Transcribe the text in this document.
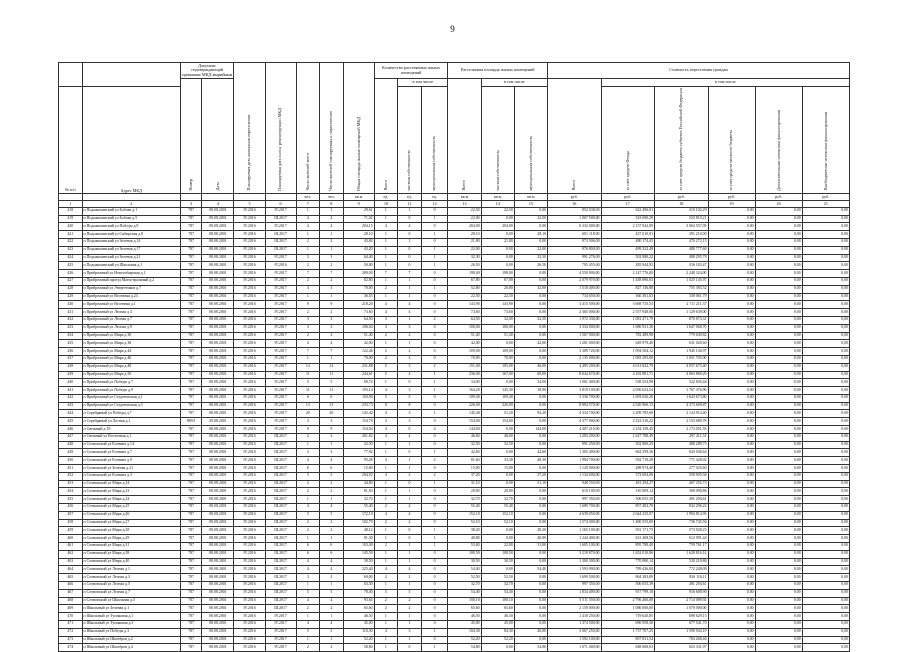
9
		Документ, подтверждающий признание МКД аварийным		Планируемая дата окончания переселения	Планируемая дата сноса/ реконструкции МКД	Число жителей всего	Число жителей планируемых к переселению	Общая площадь жилых помещений МКД	Количество расселяемых жилых помещений			Расселяемая площадь жилых помещений			Стоимость переселения граждан					
		Номер	Дата						Всего	в том числе		Всего	в том числе		Всего	в том числе				
№ п/п	Адрес МКД									частная собственность	муниципальная собственность		частная собственность	муниципальная собственность		за счет средств Фонда	за счет средств бюджета субъекта Российской Федерации	за счет средств местного бюджета	Дополнительные источники финансирования	Внебюджетные источники финансирования
						чел.	чел.	кв.м	ед.	ед.	ед.	кв.м	кв.м	кв.м	руб.	руб.	руб.	руб.	руб.	руб.
1	2	3	4	5	6	7	8	9	10	11	12	13	14	15	16	17	18	19	20	21
418	п Подымахинский ул Бобова д.1	787	08.08.2001	IV.2016	IV.2017	1	1	29,61	1	1	0	22,50	22,50	0,00	852 038,00	622 496,81	410 102,29	0,00	0,00	0,00
419	п Подымахинский ул Бобова д.5	787	08.08.2001	IV.2016	III.2017	4	4	71,02	1	0	1	22,00	0,00	22,00	1 067 500,00	543 690,29	523 810,21	0,00	0,00	0,00
420	п Подымахинский ул Победы д.9	787	08.08.2001	IV.2016	IV.2017	4	4	204,15	4	4	0	204,00	204,00	0,00	6 332 000,00	2 157 942,89	3 064 557,05	0,00	0,00	0,00
421	п Подымахинский ул Сибирская д.8	787	08.08.2001	IV.2016	III.2017	1	1	28,10	1	0	1	28,10	0,00	28,10	601 118,00	437 010,91	391 210,00	0,00	0,00	0,00
422	п Подымахинский ул Зеленая д.14	787	08.08.2001	IV.2016	III.2017	2	2	43,84	1	1	0	21,80	21,80	0,00	973 506,00	480 174,45	470 272,15	0,00	0,00	0,00
423	п Подымахинский ул Зеленая д.17	787	08.08.2001	IV.2016	III.2017	1	1	43,20	1	0	1	22,00	0,00	22,00	976 800,00	499 322,48	480 777,60	0,00	0,00	0,00
424	п Подымахинский ул Зеленая д.21	787	08.08.2001	IV.2016	IV.2017	3	3	64,40	1	0	1	32,30	0,00	32,30	991 276,00	502 980,22	488 295,78	0,00	0,00	0,00
425	п Подымахинский ул Школьная д.1	787	08.08.2001	IV.2016	IV.2016	2	2	50,80	1	0	1	26,50	0,00	26,50	795 455,00	285 944,95	316 183,47	0,00	0,00	0,00
426	п Прибрежный ул Новосибирская д.1	787	08.08.2001	IV.2016	IV.2017	7	7	200,00	7	7	0	198,00	198,00	0,00	4 550 000,00	2 147 776,00	2 248 324,00	0,00	0,00	0,00
427	п Прибрежный проезд Магистральный д.2	787	08.08.2001	IV.2016	IV.2017	2	2	82,80	1	1	0	67,80	67,80	0,00	2 079 970,00	1 458 896,03	1 025 145,97	0,00	0,00	0,00
428	п Прибрежный ул Энергетиков д.7	787	08.08.2001	IV.2016	IV.2017	3	3	70,00	2	1	1	52,80	20,80	32,00	1 518 400,00	827 136,88	755 383,52	0,00	0,00	0,00
429	п Прибрежный ул Весенняя д.23	787	08.08.2001	IV.2016	IV.2017	1	1	36,53	1	1	0	22,50	22,50	0,00	734 650,00	360 381,83	330 061,79	0,00	0,00	0,00
430	п Прибрежный ул Весенняя д.1	787	08.08.2001	IV.2016	IV.2017	9	9	218,20	4	4	0	143,90	143,90	0,00	3 415 500,00	3 669 735,53	2 711 211,37	0,00	0,00	0,00
431	п Прибрежный ул Лесная д.3	787	08.08.2001	IV.2016	IV.2017	2	2	73,60	4	4	0	73,60	73,60	0,00	2 365 000,00	2 557 948,00	1 129 639,00	0,00	0,00	0,00
432	п Прибрежный ул Лесная д.7	787	08.08.2001	IV.2016	IV.2017	3	3	64,50	3	1	2	64,50	32,00	32,50	1 972 330,00	1 081 271,79	870 873,31	0,00	0,00	0,00
433	п Прибрежный ул Лесная д.9	787	08.08.2001	IV.2016	IV.2017	3	3	106,04	3	3	0	100,00	100,00	0,00	3 334 000,00	1 686 931,30	1 647 068,70	0,00	0,00	0,00
434	п Прибрежный ул Мира д.30	787	08.08.2001	IV.2016	IV.2017	2	2	51,40	2	2	0	51,40	51,40	0,00	1 567 900,00	782 489,98	779 049,82	0,00	0,00	0,00
435	п Прибрежный ул Мира д.38	787	08.08.2001	IV.2016	IV.2017	4	4	42,00	1	1	0	42,00	0,00	42,00	1 281 000,00	649 979,40	631 020,60	0,00	0,00	0,00
436	п Прибрежный ул Мира д.44	787	08.08.2001	IV.2016	IV.2017	7	7	122,46	2	2	0	109,00	109,00	0,00	3 389 720,00	1 094 504,12	1 945 140,97	0,00	0,00	0,00
437	п Прибрежный ул Мира д.46	787	08.08.2001	IV.2016	IV.2017	1	1	70,00	2	2	0	70,00	70,00	0,00	2 135 000,00	1 083 295,00	1 051 705,00	0,00	0,00	0,00
438	п Прибрежный ул Мира д.48	787	08.08.2001	IV.2016	IV.2017	14	14	231,88	5	3	2	151,00	105,00	46,00	4 495 200,00	4 613 842,79	4 057 675,40	0,00	0,00	0,00
439	п Прибрежный ул Мира д.50	787	08.08.2001	IV.2016	IV.2017	11	11	244,61	5	4	1	236,00	167,00	69,00	8 644 670,00	4 182 881,71	4 063 868,29	0,00	0,00	0,00
440	п Прибрежный ул Победы д.7	787	08.08.2001	IV.2016	IV.2017	5	5	69,74	1	0	1	34,00	0,00	34,00	1 061 400,00	538 554,98	522 845,44	0,00	0,00	0,00
441	п Прибрежный ул Победы д.9	787	08.08.2001	IV.2016	IV.2017	11	11	193,14	4	3	1	164,20	145,30	18,90	3 819 100,00	2 050 623,54	1 767 476,96	0,00	0,00	0,00
442	п Прибрежный ул Студенческая д.1	787	08.08.2001	IV.2016	IV.2017	6	6	103,90	5	5	0	109,40	109,40	0,00	3 336 700,00	1 693 026,20	1 643 673,80	0,00	0,00	0,00
443	п Прибрежный ул Студенческая д.3	787	08.08.2001	IV.2016	IV.2017	13	13	233,73	8	8	0	226,00	226,00	0,00	8 894 570,00	4 520 960,13	4 373 609,87	0,00	0,00	0,00
444	п Серебряный ул Победы д.7	787	08.08.2001	IV.2016	IV.2017	20	20	145,42	4	3	1	145,40	51,20	94,20	4 334 700,00	2 209 785,60	2 124 914,40	0,00	0,00	0,00
445	п Серебряный ул Лесная д.1	889/1	29.08.2001	IV.2016	IV.2017	3	3	154,79	3	3	0	154,00	154,00	0,00	4 377 000,00	2 223 310,22	2 153 689,78	0,00	0,00	0,00
446	п Снежный д.19	787	08.08.2001	IV.2016	IV.2017	9	9	154,04	4	0	4	144,00	0,00	144,00	4 407 210,00	2 234 158,45	2 173 051,55	0,00	0,00	0,00
447	п Снежный ул Восточная д.1	787	08.08.2001	IV.2016	III.2017	2	2	261,82	4	4	0	46,60	46,60	0,00	1 283 200,00	1 627 788,49	297 411,51	0,00	0,00	0,00
448	п Сочновский ул Есенина д.14	787	08.08.2001	IV.2016	III.2017	1	1	32,50	1	1	0	32,50	32,50	0,00	991 250,00	502 960,25	488 289,75	0,00	0,00	0,00
449	п Сочновский ул Есенина д.7	787	08.08.2001	IV.2016	III.2017	3	3	77,92	1	0	1	42,60	0,00	42,60	1 305 400,00	662 359,36	643 040,64	0,00	0,00	0,00
450	п Сочновский ул Есенина д.9	787	08.08.2001	IV.2016	III.2017	4	4	95,28	3	1	2	81,60	33,30	48,30	1 984 700,00	592 719,28	771 428,02	0,00	0,00	0,00
451	п Сочновский ул Зеленая д.21	787	08.08.2001	IV.2016	III.2017	6	6	15,00	1	1	0	15,00	15,00	0,00	1 120 000,00	288 974,40	277 025,60	0,00	0,00	0,00
452	п Сочновский ул Есенина д.3	787	08.08.2001	IV.2016	III.2017	5	5	204,92	4	2	2	37,20	0,00	37,20	1 134 600,00	573 694,06	558 905,94	0,00	0,00	0,00
453	п Сочновский ул Мира д.24	787	08.08.2001	IV.2016	III.2017	2	2	44,80	1	0	1	31,10	0,00	31,10	948 550,00	481 294,27	467 255,73	0,00	0,00	0,00
454	п Сочновский ул Мира д.23	787	08.08.2001	IV.2016	III.2017	2	2	81,50	1	1	0	20,00	20,00	0,00	610 100,00	310 009,14	300 090,86	0,00	0,00	0,00
455	п Сочновский ул Мира д.24	787	08.08.2001	IV.2016	III.2017	1	1	32,70	1	1	0	32,70	32,70	0,00	997 350,00	506 055,39	491 294,61	0,00	0,00	0,00
456	п Сочновский ул Мира д.25	787	08.08.2001	IV.2016	III.2017	4	4	55,40	2	2	0	55,40	55,40	0,00	1 689 700,00	857 403,78	832 296,22	0,00	0,00	0,00
457	п Сочновский ул Мира д.26	787	08.08.2001	IV.2016	III.2017	5	5	172,10	4	4	0	152,10	152,10	0,00	4 639 050,00	2 644 235,07	1 994 814,93	0,00	0,00	0,00
458	п Сочновский ул Мира д.27	787	08.08.2001	IV.2016	III.2017	2	2	102,79	2	2	0	52,10	52,10	0,00	1 574 300,00	1 400 555,00	736 745,56	0,00	0,00	0,00
459	п Сочновский ул Мира д.28	787	08.08.2001	IV.2016	III.2017	2	2	48,12	1	0	1	38,20	0,00	38,20	1 165 100,00	591 171,75	573 928,25	0,00	0,00	0,00
460	п Сочновский ул Мира д.29	787	08.08.2001	IV.2016	III.2017	1	1	81,30	1	0	1	40,80	0,00	40,80	1 244 400,00	631 408,56	612 991,44	0,00	0,00	0,00
461	п Сочновский ул Мира д.31	787	08.08.2001	IV.2016	III.2017	6	6	103,40	2	1	1	53,00	22,00	31,00	1 605 100,00	895 788,40	759 761,17	0,00	0,00	0,00
462	п Сочновский ул Мира д.38	787	08.08.2001	IV.2016	III.2017	6	6	145,50	1	1	0	108,50	108,50	0,00	3 218 870,00	1 652 010,86	1 620 816,14	0,00	0,00	0,00
463	п Сочновский ул Мира д.40	787	08.08.2001	IV.2016	III.2017	4	4	30,50	1	1	0	30,50	30,50	0,00	1 300 300,00	770 080,14	520 219,86	0,00	0,00	0,00
464	п Сочновский ул Лесная д.1	787	08.08.2001	IV.2016	III.2017	4	4	225,40	4	4	0	54,40	0,00	54,40	1 593 900,00	789 426,00	772 249,09	0,00	0,00	0,00
465	п Сочновский ул Лесная д.3	787	08.08.2001	IV.2016	III.2017	3	3	69,00	2	2	0	52,50	52,50	0,00	1 690 500,00	864 383,89	826 116,11	0,00	0,00	0,00
466	п Сочновский ул Лесная д.5	787	08.08.2001	IV.2016	III.2017	1	1	63,30	1	1	0	32,70	32,70	0,00	997 350,00	506 055,39	491 294,61	0,00	0,00	0,00
467	п Сочновский ул Лесная д.7	787	08.08.2001	IV.2016	III.2017	5	5	78,40	5	5	0	54,40	54,40	0,00	1 834 400,00	917 799,10	916 600,90	0,00	0,00	0,00
468	п Сочновский ул Школьная д.5	787	08.08.2001	IV.2016	III.2017	4	4	93,64	2	2	0	100,10	100,10	0,00	5 511 550,00	2 796 460,08	2 714 089,92	0,00	0,00	0,00
469	п Школьный ул Зеленая д.1	787	08.08.2001	IV.2016	III.2017	2	2	65,60	2	2	0	65,60	65,60	0,00	2 150 000,00	1 080 000,00	1 070 000,00	0,00	0,00	0,00
470	п Школьный ул Тупиковая д.1	787	08.08.2001	IV.2016	IV.2017	1	1	46,50	1	1	0	46,50	46,50	0,00	1 418 250,00	719 620,85	698 629,15	0,00	0,00	0,00
471	п Школьный ул Тупиковая д.3	787	08.08.2001	IV.2016	IV.2017	4	4	45,00	1	1	0	45,00	45,00	0,00	1 374 500,00	696 958,30	677 541,70	0,00	0,00	0,00
472	п Школьный ул Победы д.3	787	08.08.2001	IV.2016	IV.2017	5	5	110,30	4	3	1	104,30	84,30	20,00	3 067 250,00	1 737 707,25	1 590 943,19	0,00	0,00	0,00
473	п Школьный ул Шахтёров д.2	787	08.08.2001	IV.2016	IV.2017	1	1	52,20	1	1	0	52,20	52,20	0,00	1 592 100,00	807 831,54	784 268,46	0,00	0,00	0,00
474	п Школьный ул Шахтёров д.4	787	08.08.2001	IV.2016	IV.2017	2	2	58,80	1	0	1	54,80	0,00	54,80	1 671 400,00	848 068,03	823 331,97	0,00	0,00	0,00
